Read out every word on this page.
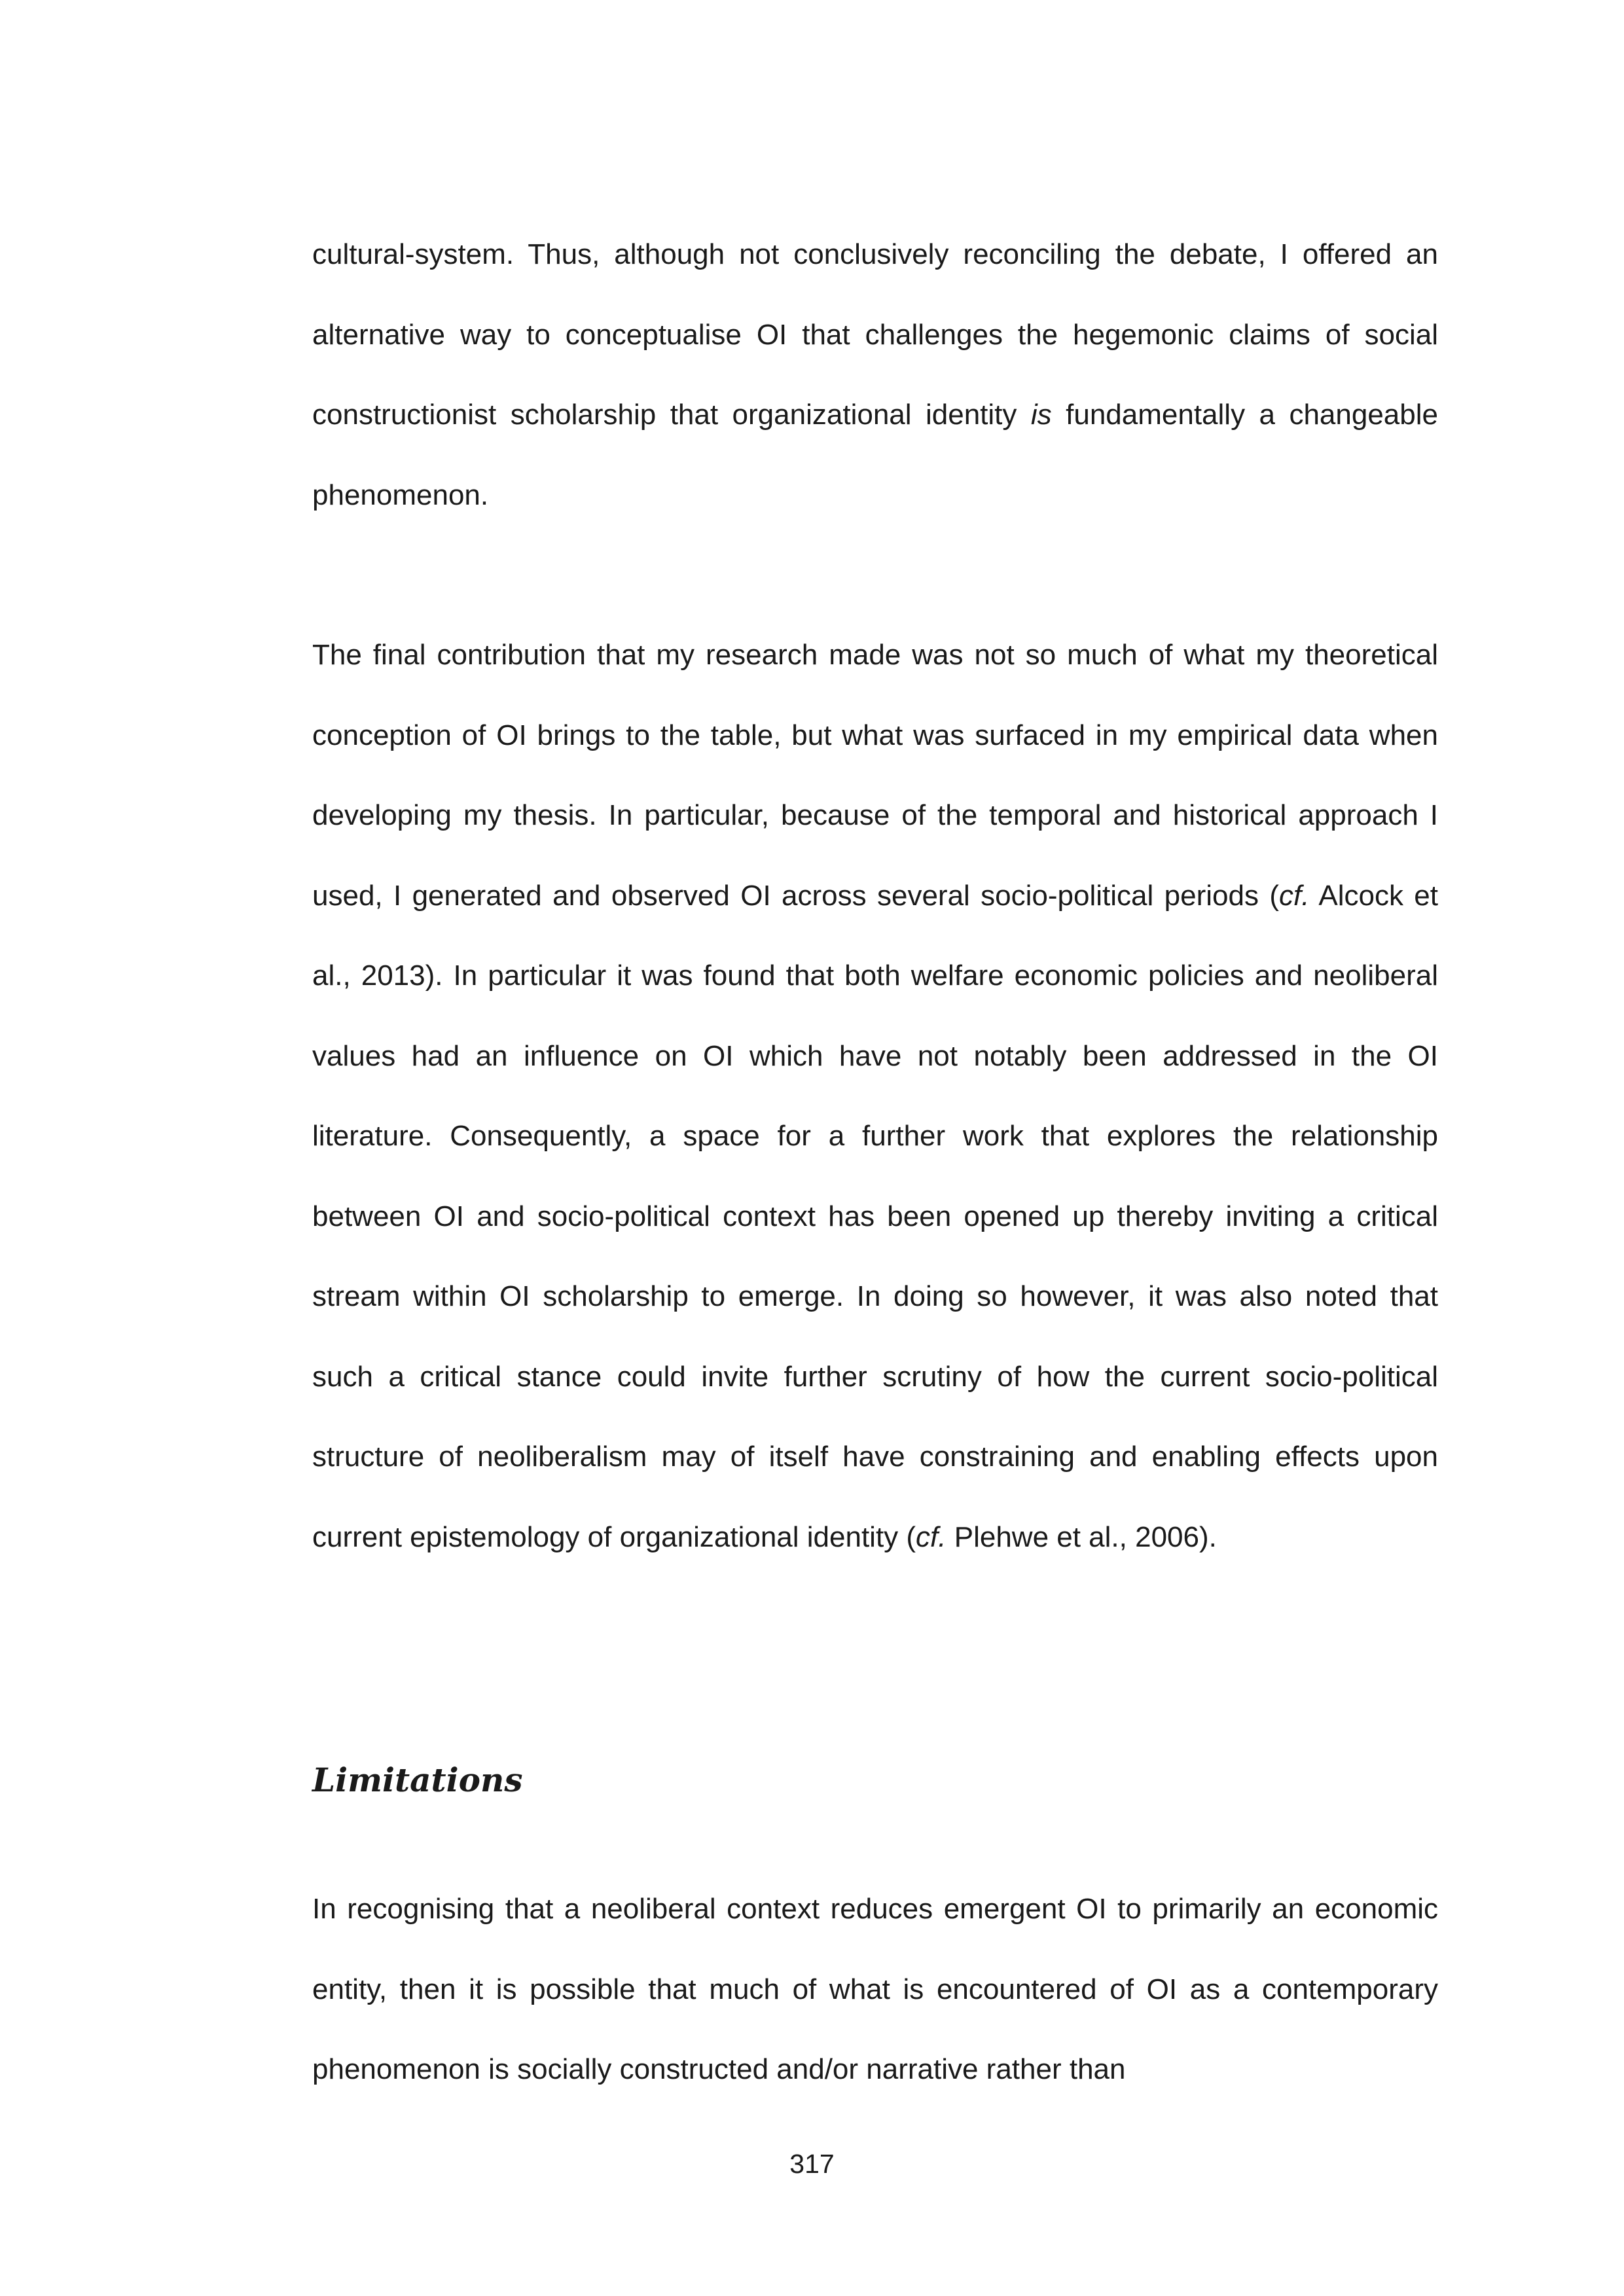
cultural-system. Thus, although not conclusively reconciling the debate, I offered an alternative way to conceptualise OI that challenges the hegemonic claims of social constructionist scholarship that organizational identity is fundamentally a changeable phenomenon.

The final contribution that my research made was not so much of what my theoretical conception of OI brings to the table, but what was surfaced in my empirical data when developing my thesis. In particular, because of the temporal and historical approach I used, I generated and observed OI across several socio-political periods (cf. Alcock et al., 2013). In particular it was found that both welfare economic policies and neoliberal values had an influence on OI which have not notably been addressed in the OI literature. Consequently, a space for a further work that explores the relationship between OI and socio-political context has been opened up thereby inviting a critical stream within OI scholarship to emerge. In doing so however, it was also noted that such a critical stance could invite further scrutiny of how the current socio-political structure of neoliberalism may of itself have constraining and enabling effects upon current epistemology of organizational identity (cf. Plehwe et al., 2006).

Limitations

In recognising that a neoliberal context reduces emergent OI to primarily an economic entity, then it is possible that much of what is encountered of OI as a contemporary phenomenon is socially constructed and/or narrative rather than

317
